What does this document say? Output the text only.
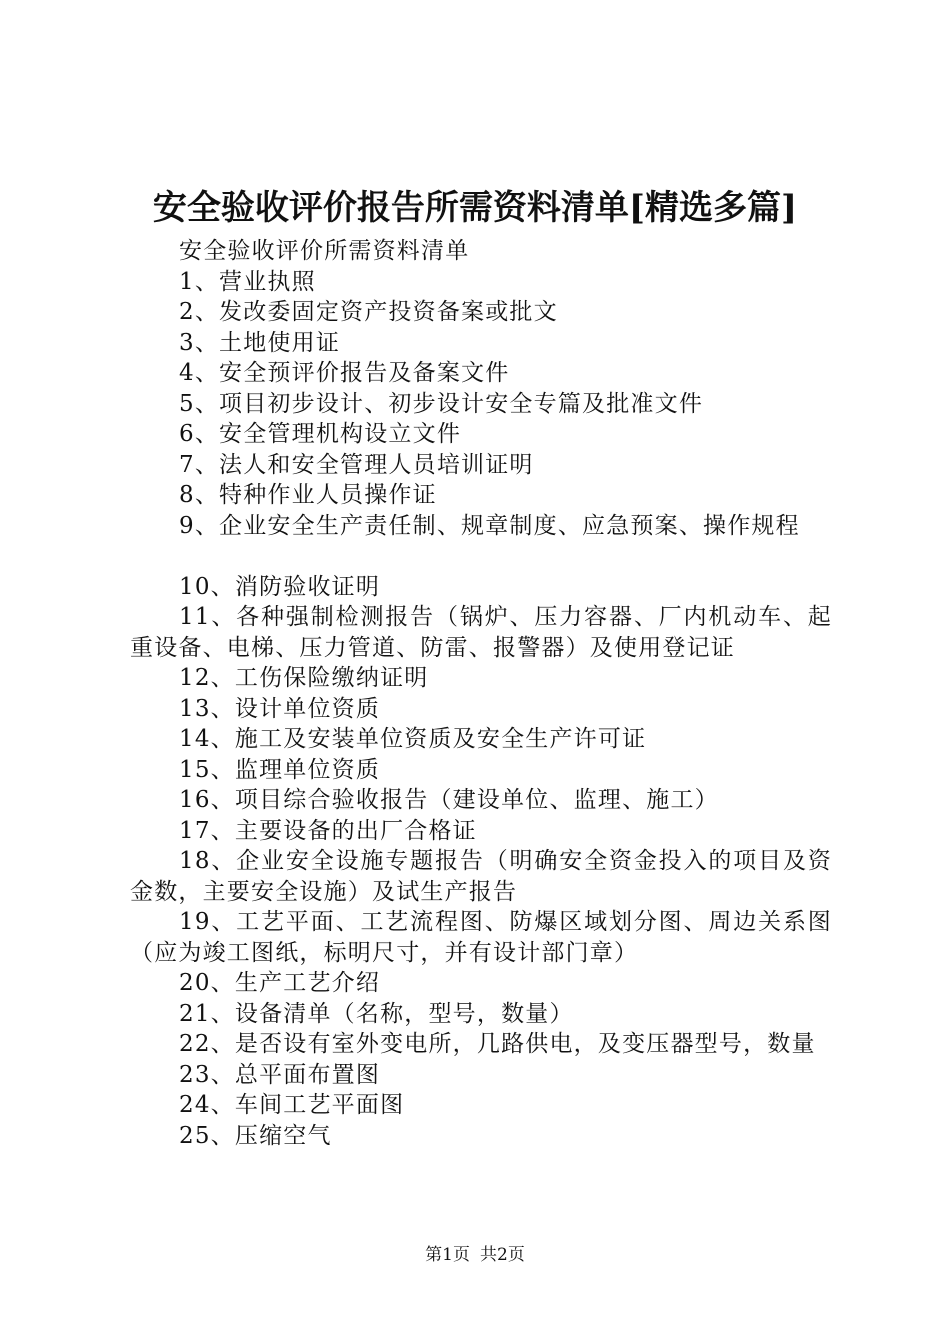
安全验收评价报告所需资料清单[精选多篇]

安全验收评价所需资料清单

1、营业执照

2、发改委固定资产投资备案或批文

3、土地使用证

4、安全预评价报告及备案文件

5、项目初步设计、初步设计安全专篇及批准文件

6、安全管理机构设立文件

7、法人和安全管理人员培训证明

8、特种作业人员操作证

9、企业安全生产责任制、规章制度、应急预案、操作规程

10、消防验收证明

11、各种强制检测报告（锅炉、压力容器、厂内机动车、起重设备、电梯、压力管道、防雷、报警器）及使用登记证

12、工伤保险缴纳证明

13、设计单位资质

14、施工及安装单位资质及安全生产许可证

15、监理单位资质

16、项目综合验收报告（建设单位、监理、施工）

17、主要设备的出厂合格证

18、企业安全设施专题报告（明确安全资金投入的项目及资金数，主要安全设施）及试生产报告

19、工艺平面、工艺流程图、防爆区域划分图、周边关系图（应为竣工图纸，标明尺寸，并有设计部门章）

20、生产工艺介绍

21、设备清单（名称，型号，数量）

22、是否设有室外变电所，几路供电，及变压器型号，数量

23、总平面布置图

24、车间工艺平面图

25、压缩空气

第1页 共2页
